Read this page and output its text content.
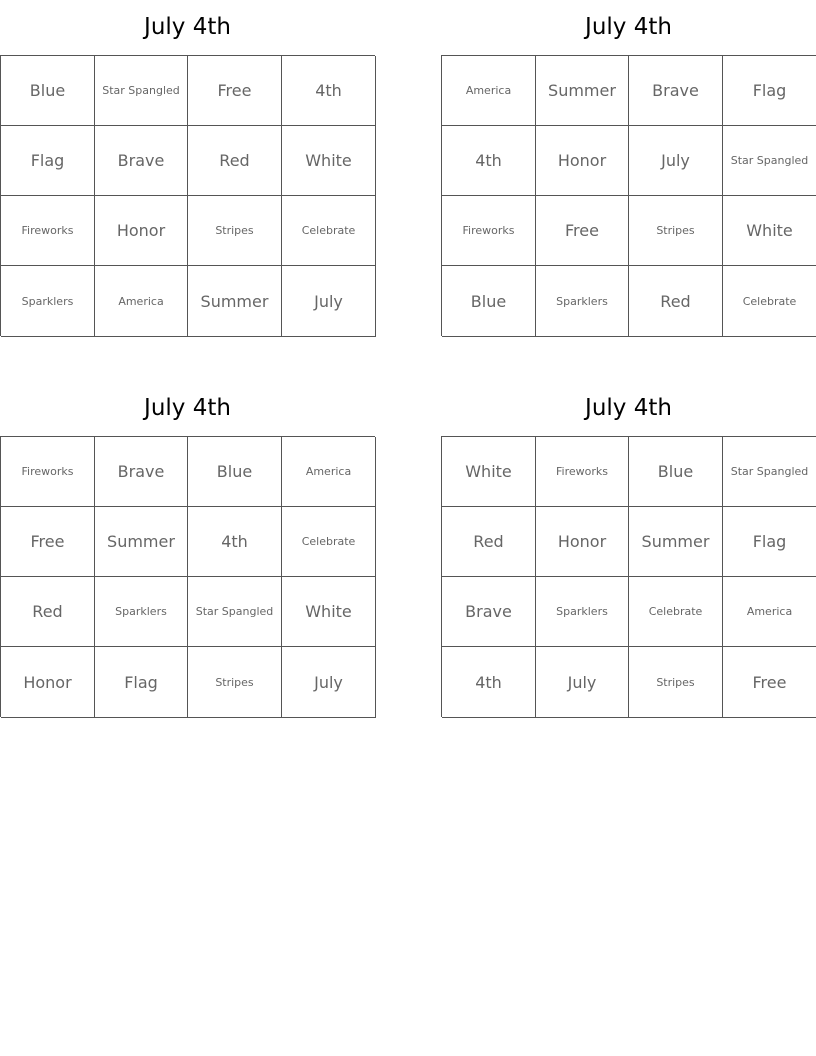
July 4th
Blue	Star Spangled	Free	4th
Flag	Brave	Red	White
Fireworks	Honor	Stripes	Celebrate
Sparklers	America	Summer	July
July 4th
America	Summer	Brave	Flag
4th	Honor	July	Star Spangled
Fireworks	Free	Stripes	White
Blue	Sparklers	Red	Celebrate
July 4th
Fireworks	Brave	Blue	America
Free	Summer	4th	Celebrate
Red	Sparklers	Star Spangled	White
Honor	Flag	Stripes	July
July 4th
White	Fireworks	Blue	Star Spangled
Red	Honor	Summer	Flag
Brave	Sparklers	Celebrate	America
4th	July	Stripes	Free
